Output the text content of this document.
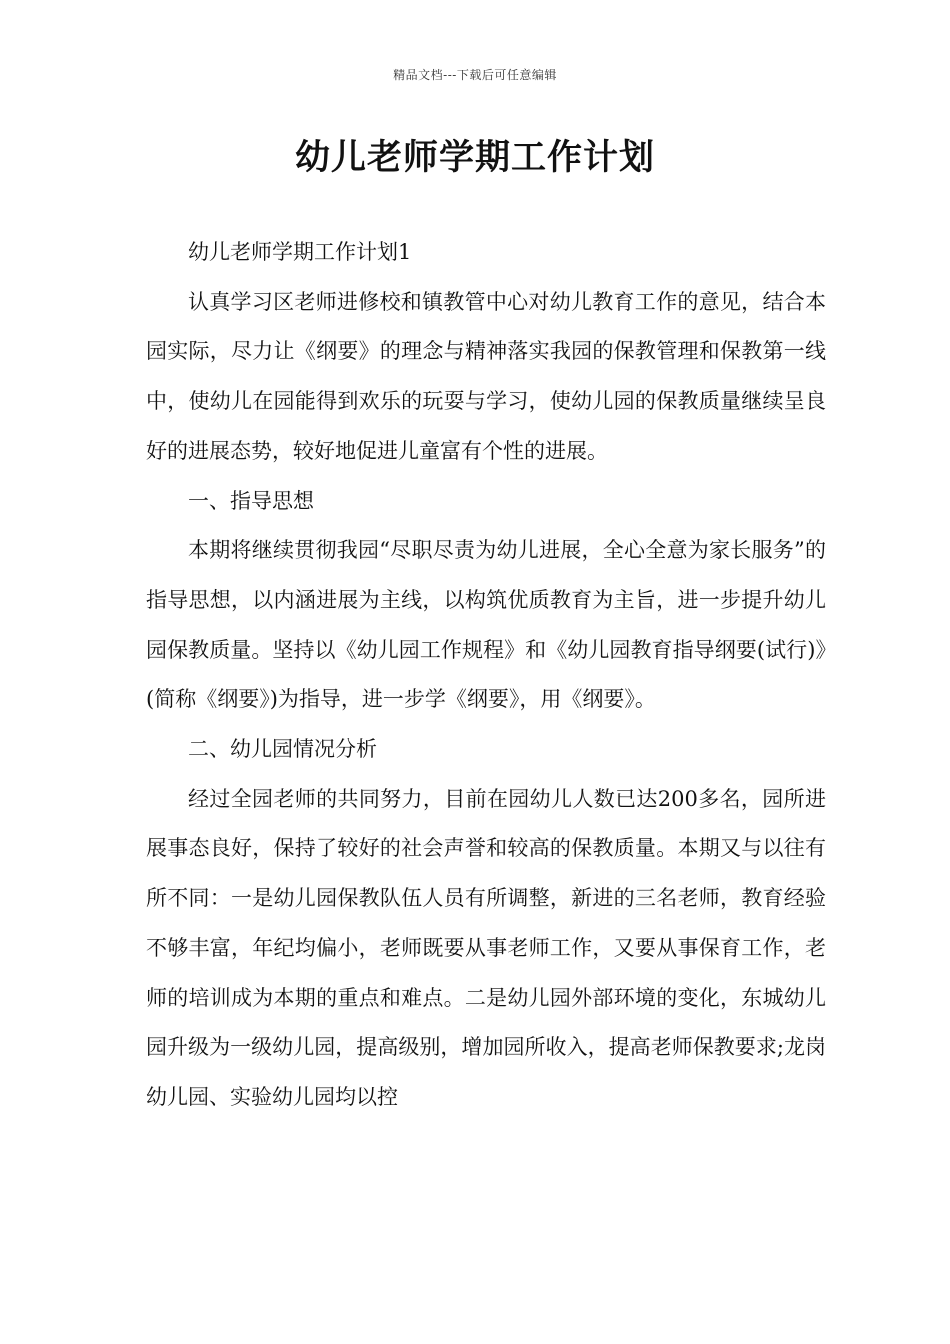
精品文档---下载后可任意编辑
幼儿老师学期工作计划

幼儿老师学期工作计划1

认真学习区老师进修校和镇教管中心对幼儿教育工作的意见，结合本园实际，尽力让《纲要》的理念与精神落实我园的保教管理和保教第一线中，使幼儿在园能得到欢乐的玩耍与学习，使幼儿园的保教质量继续呈良好的进展态势，较好地促进儿童富有个性的进展。

一、指导思想

本期将继续贯彻我园“尽职尽责为幼儿进展，全心全意为家长服务”的指导思想，以内涵进展为主线，以构筑优质教育为主旨，进一步提升幼儿园保教质量。坚持以《幼儿园工作规程》和《幼儿园教育指导纲要(试行)》(简称《纲要》)为指导，进一步学《纲要》，用《纲要》。

二、幼儿园情况分析

经过全园老师的共同努力，目前在园幼儿人数已达200多名，园所进展事态良好，保持了较好的社会声誉和较高的保教质量。本期又与以往有所不同：一是幼儿园保教队伍人员有所调整，新进的三名老师，教育经验不够丰富，年纪均偏小，老师既要从事老师工作，又要从事保育工作，老师的培训成为本期的重点和难点。二是幼儿园外部环境的变化，东城幼儿园升级为一级幼儿园，提高级别，增加园所收入，提高老师保教要求;龙岗幼儿园、实验幼儿园均以控
